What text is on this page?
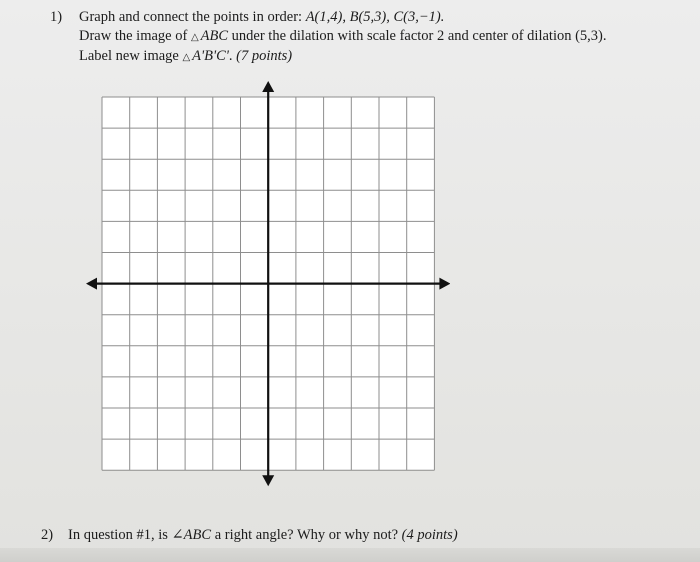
1) Graph and connect the points in order: A(1,4), B(5,3), C(3,−1).
Draw the image of △ ABC under the dilation with scale factor 2 and center of dilation (5,3).
Label new image △ A'B'C'. (7 points)
2) In question #1, is ∠ABC a right angle? Why or why not? (4 points)
